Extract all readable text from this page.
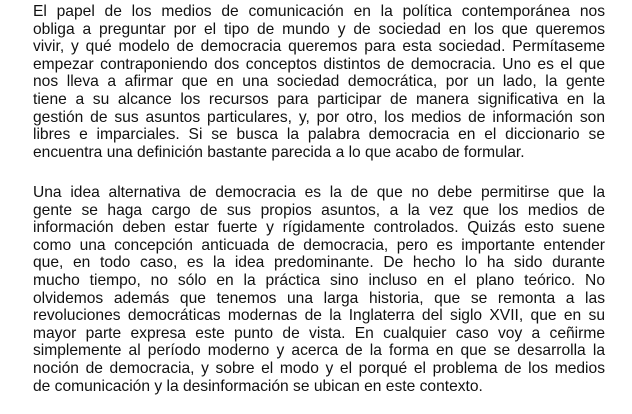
El papel de los medios de comunicación en la política contemporánea nos
obliga a preguntar por el tipo de mundo y de sociedad en los que queremos
vivir, y qué modelo de democracia queremos para esta sociedad. Permítaseme
empezar contraponiendo dos conceptos distintos de democracia. Uno es el que
nos lleva a afirmar que en una sociedad democrática, por un lado, la gente
tiene a su alcance los recursos para participar de manera significativa en la
gestión de sus asuntos particulares, y, por otro, los medios de información son
libres e imparciales. Si se busca la palabra democracia en el diccionario se
encuentra una definición bastante parecida a lo que acabo de formular.
Una idea alternativa de democracia es la de que no debe permitirse que la
gente se haga cargo de sus propios asuntos, a la vez que los medios de
información deben estar fuerte y rígidamente controlados. Quizás esto suene
como una concepción anticuada de democracia, pero es importante entender
que, en todo caso, es la idea predominante. De hecho lo ha sido durante
mucho tiempo, no sólo en la práctica sino incluso en el plano teórico. No
olvidemos además que tenemos una larga historia, que se remonta a las
revoluciones democráticas modernas de la Inglaterra del siglo XVII, que en su
mayor parte expresa este punto de vista. En cualquier caso voy a ceñirme
simplemente al período moderno y acerca de la forma en que se desarrolla la
noción de democracia, y sobre el modo y el porqué el problema de los medios
de comunicación y la desinformación se ubican en este contexto.
